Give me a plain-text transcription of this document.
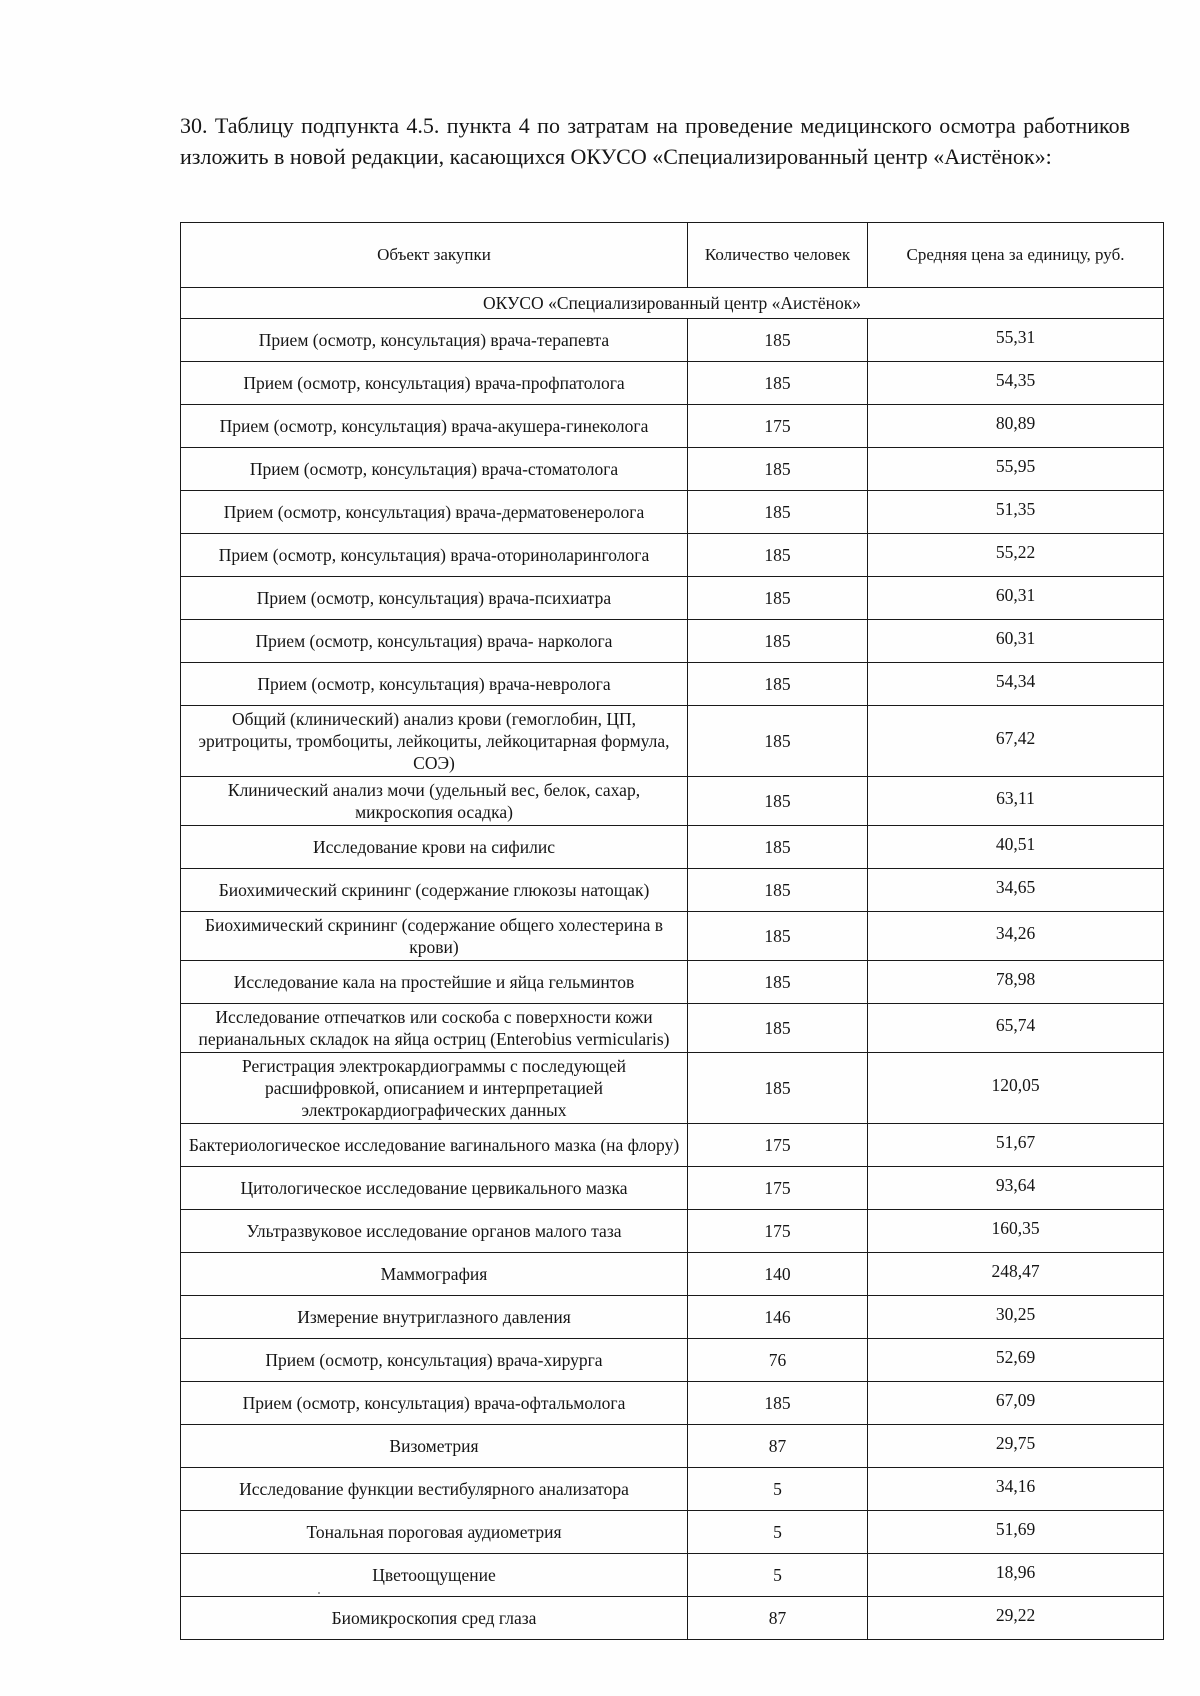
30. Таблицу подпункта 4.5. пункта 4 по затратам на проведение медицинского осмотра работников изложить в новой редакции, касающихся ОКУСО «Специализированный центр «Аистёнок»:

Объект закупки	Количество человек	Средняя цена за единицу, руб.
ОКУСО «Специализированный центр «Аистёнок»		
Прием (осмотр, консультация) врача-терапевта	185	55,31
Прием (осмотр, консультация) врача-профпатолога	185	54,35
Прием (осмотр, консультация) врача-акушера-гинеколога	175	80,89
Прием (осмотр, консультация) врача-стоматолога	185	55,95
Прием (осмотр, консультация) врача-дерматовенеролога	185	51,35
Прием (осмотр, консультация) врача-оториноларинголога	185	55,22
Прием (осмотр, консультация) врача-психиатра	185	60,31
Прием (осмотр, консультация) врача- нарколога	185	60,31
Прием (осмотр, консультация) врача-невролога	185	54,34
Общий (клинический) анализ крови (гемоглобин, ЦП, эритроциты, тромбоциты, лейкоциты, лейкоцитарная формула, СОЭ)	185	67,42
Клинический анализ мочи (удельный вес, белок, сахар, микроскопия осадка)	185	63,11
Исследование крови на сифилис	185	40,51
Биохимический скрининг (содержание глюкозы натощак)	185	34,65
Биохимический скрининг (содержание общего холестерина в крови)	185	34,26
Исследование кала на простейшие и яйца гельминтов	185	78,98
Исследование отпечатков или соскоба с поверхности кожи перианальных складок на яйца остриц (Enterobius vermicularis)	185	65,74
Регистрация электрокардиограммы с последующей расшифровкой, описанием и интерпретацией электрокардиографических данных	185	120,05
Бактериологическое исследование вагинального мазка (на флору)	175	51,67
Цитологическое исследование цервикального мазка	175	93,64
Ультразвуковое исследование органов малого таза	175	160,35
Маммография	140	248,47
Измерение внутриглазного давления	146	30,25
Прием (осмотр, консультация) врача-хирурга	76	52,69
Прием (осмотр, консультация) врача-офтальмолога	185	67,09
Визометрия	87	29,75
Исследование функции вестибулярного анализатора	5	34,16
Тональная пороговая аудиометрия	5	51,69
Цветоощущение	5	18,96
Биомикроскопия сред глаза	87	29,22
